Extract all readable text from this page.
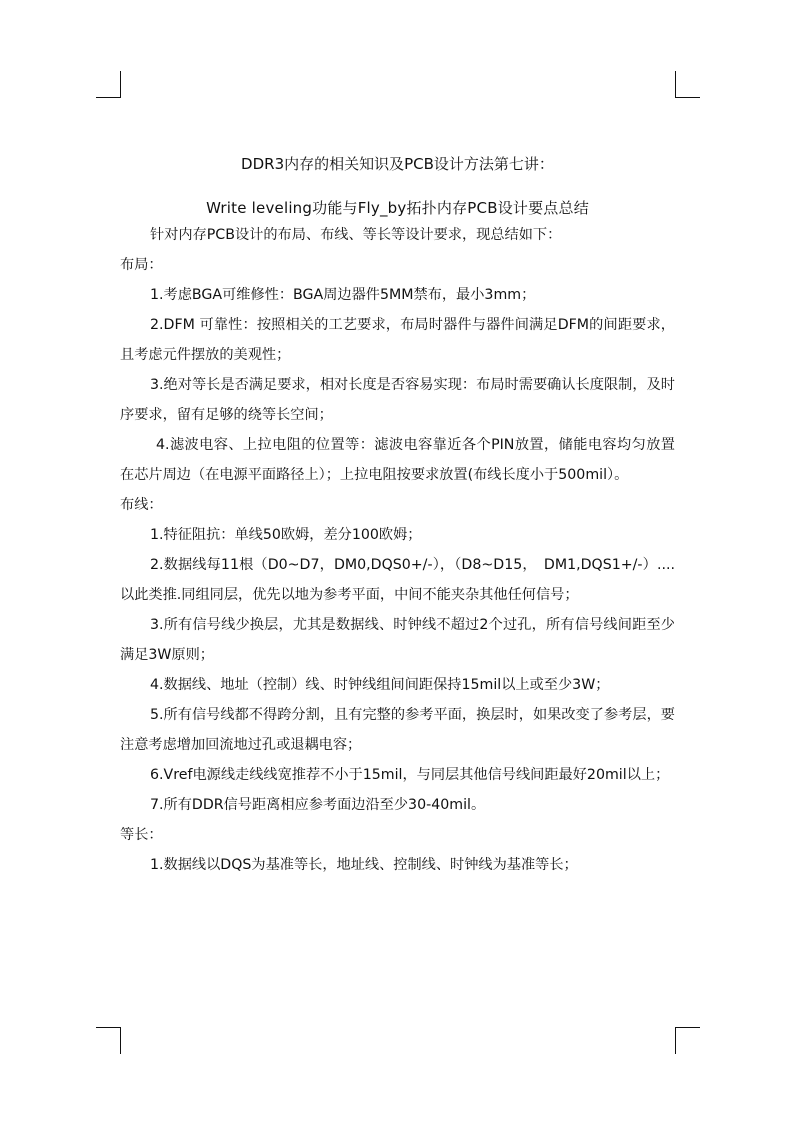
DDR3内存的相关知识及PCB设计方法第七讲：
Write leveling功能与Fly_by拓扑内存PCB设计要点总结

针对内存PCB设计的布局、布线、等长等设计要求，现总结如下：

布局：

1.考虑BGA可维修性：BGA周边器件5MM禁布，最小3mm；

2.DFM 可靠性：按照相关的工艺要求，布局时器件与器件间满足DFM的间距要求，且考虑元件摆放的美观性；

3.绝对等长是否满足要求，相对长度是否容易实现：布局时需要确认长度限制，及时序要求，留有足够的绕等长空间；

4.滤波电容、上拉电阻的位置等：滤波电容靠近各个PIN放置，储能电容均匀放置在芯片周边（在电源平面路径上）；上拉电阻按要求放置(布线长度小于500mil）。

布线：

1.特征阻抗：单线50欧姆，差分100欧姆；

2.数据线每11根（D0~D7，DM0,DQS0+/-），（D8~D15，　DM1,DQS1+/-）....以此类推.同组同层，优先以地为参考平面，中间不能夹杂其他任何信号；

3.所有信号线少换层，尤其是数据线、时钟线不超过2个过孔，所有信号线间距至少满足3W原则；

4.数据线、地址（控制）线、时钟线组间间距保持15mil以上或至少3W；

5.所有信号线都不得跨分割，且有完整的参考平面，换层时，如果改变了参考层，要注意考虑增加回流地过孔或退耦电容；

6.Vref电源线走线线宽推荐不小于15mil，与同层其他信号线间距最好20mil以上；

7.所有DDR信号距离相应参考面边沿至少30-40mil。

等长：

1.数据线以DQS为基准等长，地址线、控制线、时钟线为基准等长；
